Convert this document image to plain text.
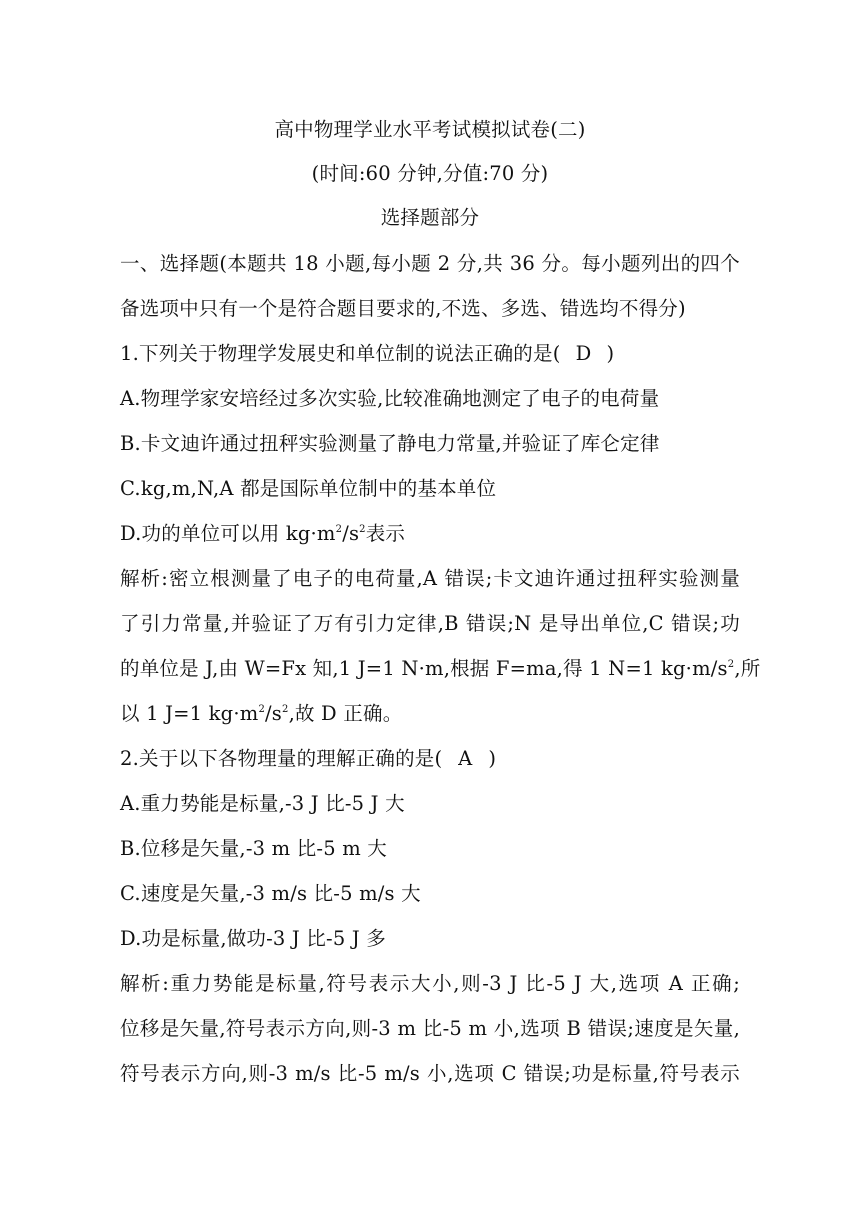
高中物理学业水平考试模拟试卷(二)
(时间:60 分钟,分值:70 分)
选择题部分
一、选择题(本题共 18 小题,每小题 2 分,共 36 分。每小题列出的四个
备选项中只有一个是符合题目要求的,不选、多选、错选均不得分)
1.下列关于物理学发展史和单位制的说法正确的是( D )
A.物理学家安培经过多次实验,比较准确地测定了电子的电荷量
B.卡文迪许通过扭秤实验测量了静电力常量,并验证了库仑定律
C.kg,m,N,A 都是国际单位制中的基本单位
D.功的单位可以用 $kg\cdot m^2/s^2$表示
解析:密立根测量了电子的电荷量,A 错误;卡文迪许通过扭秤实验测量
了引力常量,并验证了万有引力定律,B 错误;N 是导出单位,C 错误;功
的单位是 J,由 W=Fx 知,1 J=1 N·m,根据 F=ma,得 1 N=1 $kg\cdot m/s^2$,所
以 1 J=1 $kg\cdot m^2/s^2$,故 D 正确。
2.关于以下各物理量的理解正确的是( A )
A.重力势能是标量,-3 J 比-5 J 大
B.位移是矢量,-3 m 比-5 m 大
C.速度是矢量,-3 m/s 比-5 m/s 大
D.功是标量,做功-3 J 比-5 J 多
解析:重力势能是标量,符号表示大小,则-3 J 比-5 J 大,选项 A 正确;
位移是矢量,符号表示方向,则-3 m 比-5 m 小,选项 B 错误;速度是矢量,
符号表示方向,则-3 m/s 比-5 m/s 小,选项 C 错误;功是标量,符号表示
